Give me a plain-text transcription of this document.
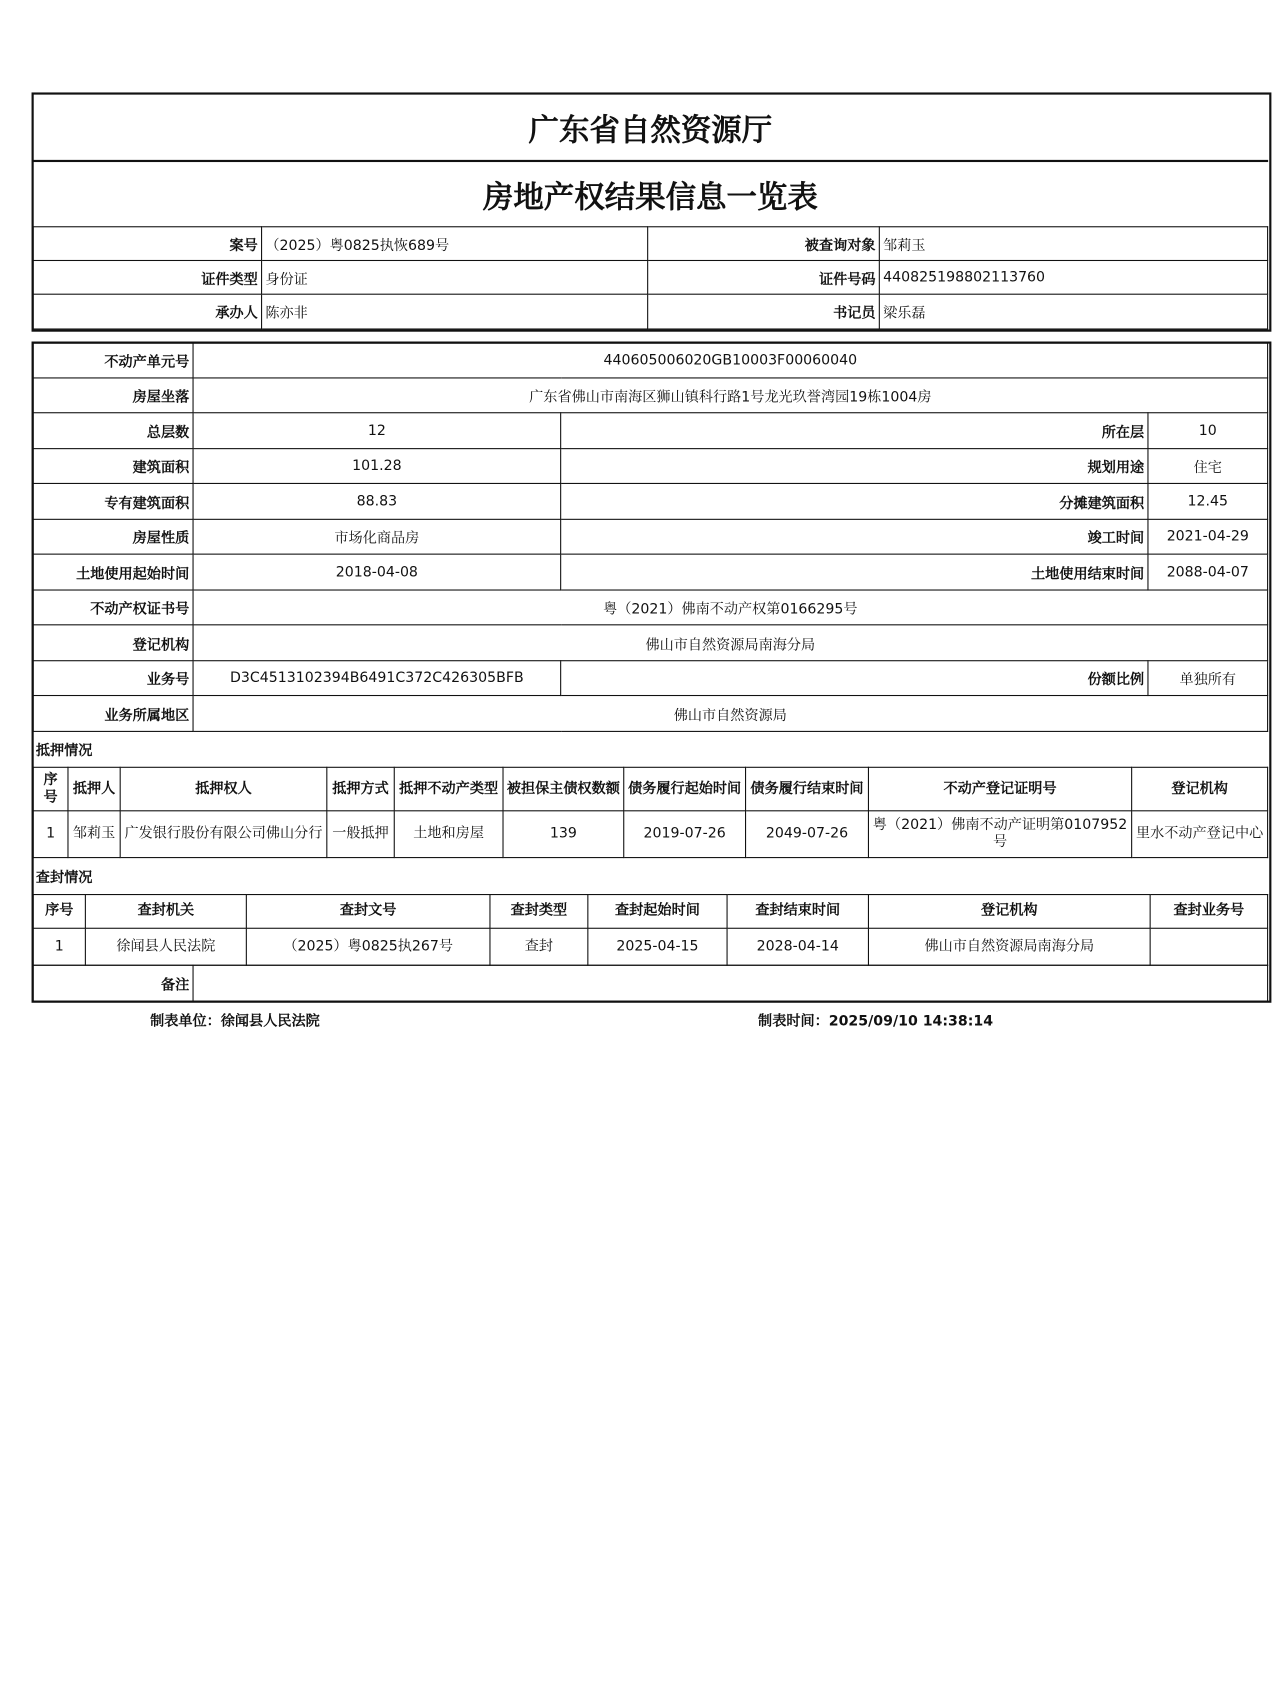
广东省自然资源厅
房地产权结果信息一览表
案号	（2025）粤0825执恢689号	被查询对象	邹莉玉
证件类型	身份证	证件号码	440825198802113760
承办人	陈亦非	书记员	梁乐磊
不动产单元号	440605006020GB10003F00060040		
房屋坐落	广东省佛山市南海区狮山镇科行路1号龙光玖誉湾园19栋1004房		
总层数	12	所在层	10
建筑面积	101.28	规划用途	住宅
专有建筑面积	88.83	分摊建筑面积	12.45
房屋性质	市场化商品房	竣工时间	2021-04-29
土地使用起始时间	2018-04-08	土地使用结束时间	2088-04-07
不动产权证书号	粤（2021）佛南不动产权第0166295号		
登记机构	佛山市自然资源局南海分局		
业务号	D3C4513102394B6491C372C426305BFB	份额比例	单独所有
业务所属地区	佛山市自然资源局		
抵押情况
序号	抵押人	抵押权人	抵押方式	抵押不动产类型	被担保主债权数额	债务履行起始时间	债务履行结束时间	不动产登记证明号	登记机构
1	邹莉玉	广发银行股份有限公司佛山分行	一般抵押	土地和房屋	139	2019-07-26	2049-07-26	粤（2021）佛南不动产证明第0107952号	里水不动产登记中心
查封情况
序号	查封机关	查封文号	查封类型	查封起始时间	查封结束时间	登记机构	查封业务号
1	徐闻县人民法院	（2025）粤0825执267号	查封	2025-04-15	2028-04-14	佛山市自然资源局南海分局	
备注	
制表单位：徐闻县人民法院	制表时间：2025/09/10 14:38:14
